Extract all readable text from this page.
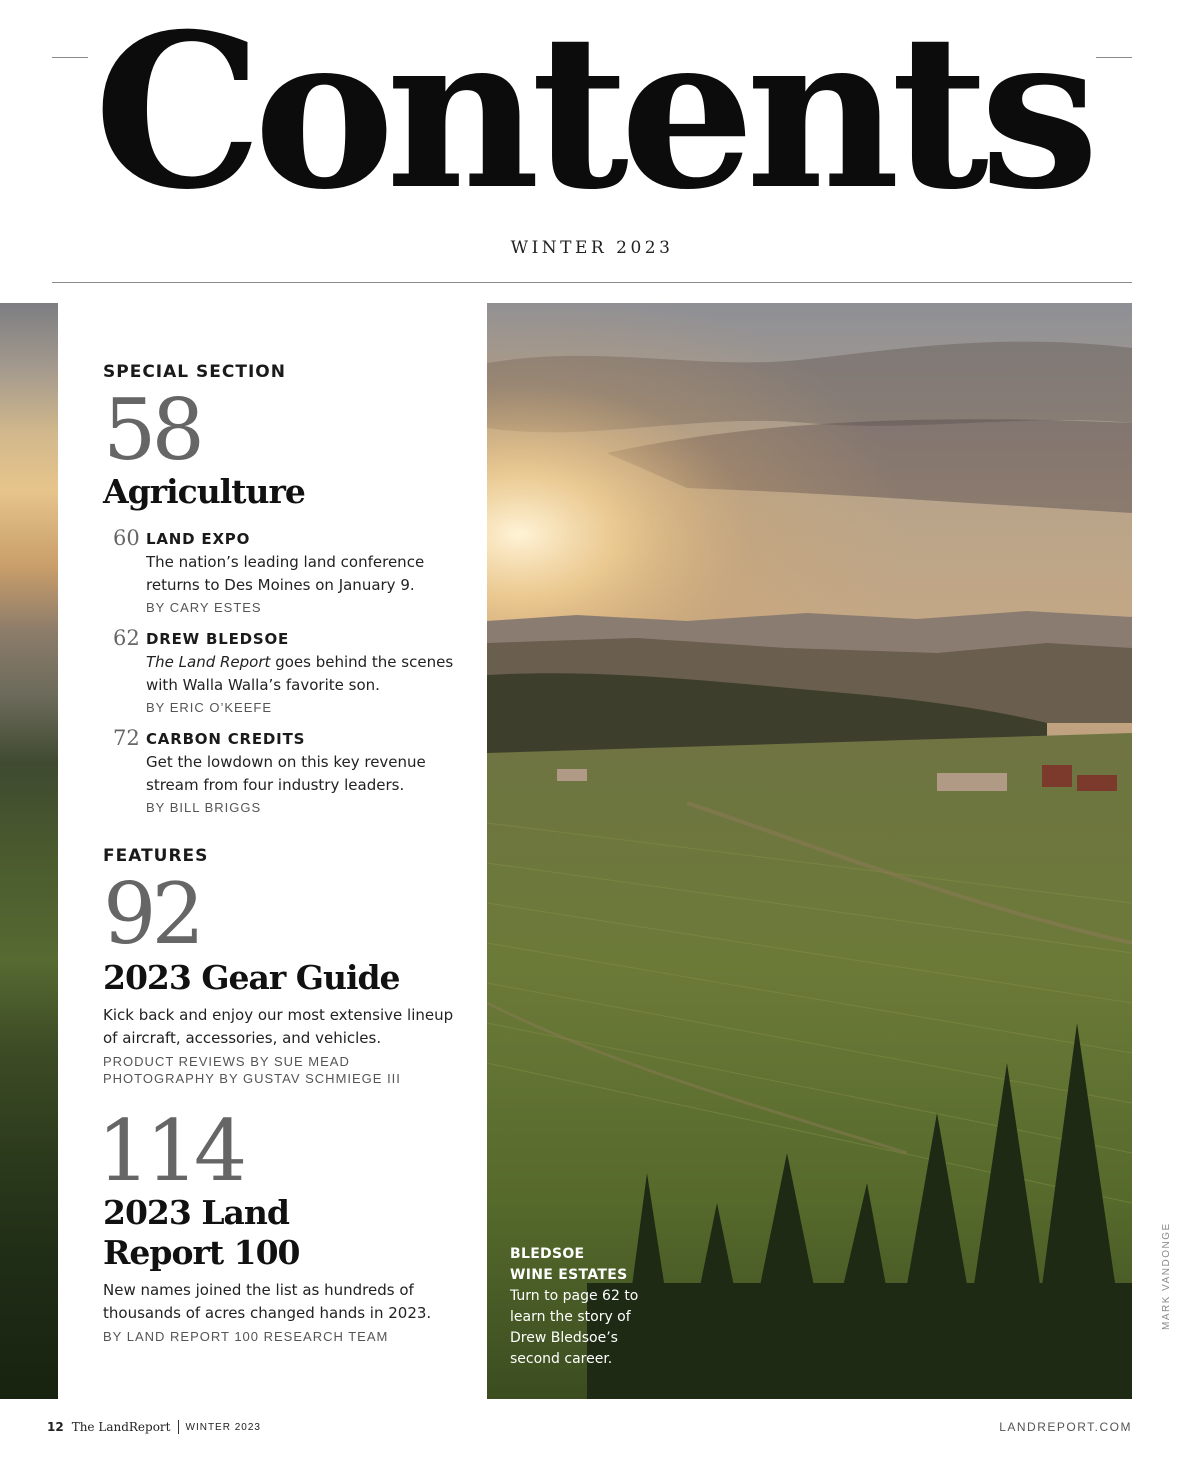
Contents
WINTER 2023
BLEDSOE
WINE ESTATES
Turn to page 62 to learn the story of Drew Bledsoe’s second career.
MARK VANDONGE
SPECIAL SECTION
58
Agriculture
60 LAND EXPO
The nation’s leading land conference returns to Des Moines on January 9.
BY CARY ESTES
62 DREW BLEDSOE
The Land Report goes behind the scenes with Walla Walla’s favorite son.
BY ERIC O’KEEFE
72 CARBON CREDITS
Get the lowdown on this key revenue stream from four industry leaders.
BY BILL BRIGGS
FEATURES
92
2023 Gear Guide
Kick back and enjoy our most extensive lineup of aircraft, accessories, and vehicles.
PRODUCT REVIEWS BY SUE MEAD
PHOTOGRAPHY BY GUSTAV SCHMIEGE III
114
2023 Land
Report 100
New names joined the list as hundreds of thousands of acres changed hands in 2023.
BY LAND REPORT 100 RESEARCH TEAM
12 The LandReport WINTER 2023	LANDREPORT.COM
